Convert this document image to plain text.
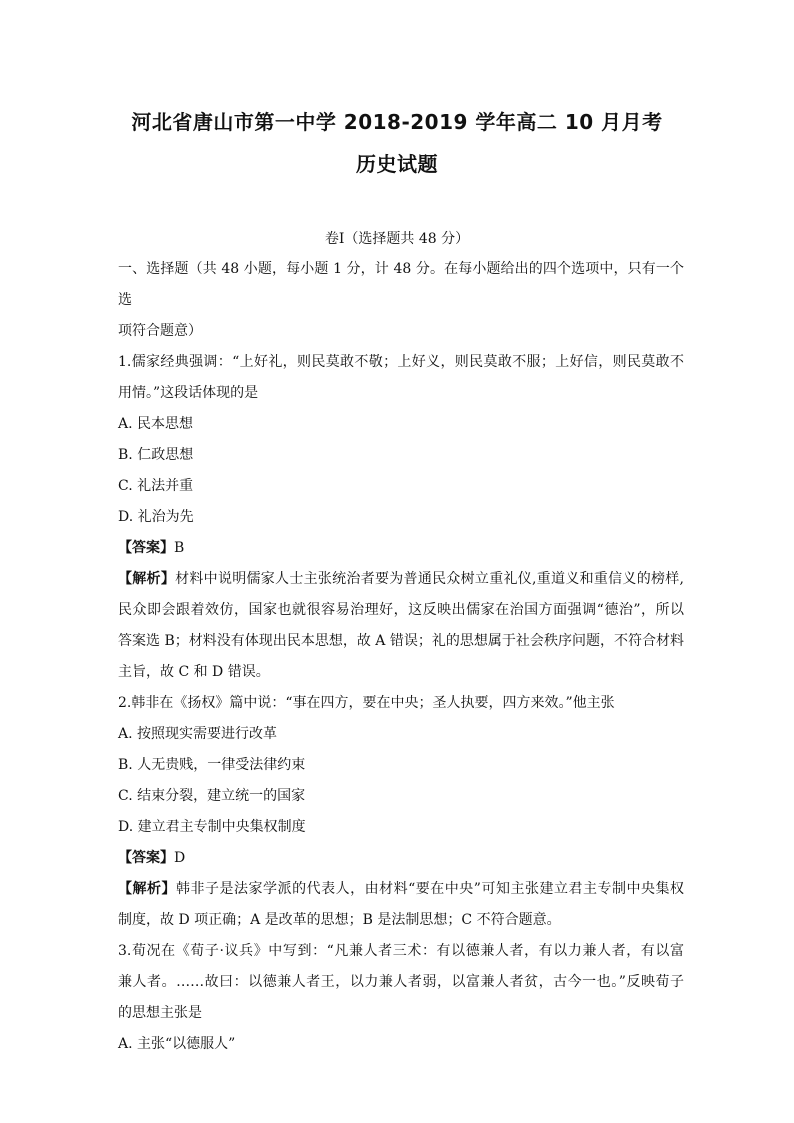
河北省唐山市第一中学 2018-2019 学年高二 10 月月考
历史试题
卷Ⅰ（选择题共 48 分）

一、选择题（共 48 小题，每小题 1 分，计 48 分。在每小题给出的四个选项中，只有一个选

项符合题意）

1.儒家经典强调：“上好礼，则民莫敢不敬；上好义，则民莫敢不服；上好信，则民莫敢不

用情。”这段话体现的是

A. 民本思想

B. 仁政思想

C. 礼法并重

D. 礼治为先

【答案】B

【解析】材料中说明儒家人士主张统治者要为普通民众树立重礼仪,重道义和重信义的榜样,

民众即会跟着效仿，国家也就很容易治理好，这反映出儒家在治国方面强调“德治”，所以

答案选 B；材料没有体现出民本思想，故 A 错误；礼的思想属于社会秩序问题，不符合材料

主旨，故 C 和 D 错误。

2.韩非在《扬权》篇中说：“事在四方，要在中央；圣人执要，四方来效。”他主张

A. 按照现实需要进行改革

B. 人无贵贱，一律受法律约束

C. 结束分裂，建立统一的国家

D. 建立君主专制中央集权制度

【答案】D

【解析】韩非子是法家学派的代表人，由材料“要在中央”可知主张建立君主专制中央集权

制度，故 D 项正确；A 是改革的思想；B 是法制思想；C 不符合题意。

3.荀况在《荀子·议兵》中写到：“凡兼人者三术：有以德兼人者，有以力兼人者，有以富

兼人者。……故曰：以德兼人者王，以力兼人者弱，以富兼人者贫，古今一也。”反映荀子

的思想主张是

A. 主张“以德服人”
